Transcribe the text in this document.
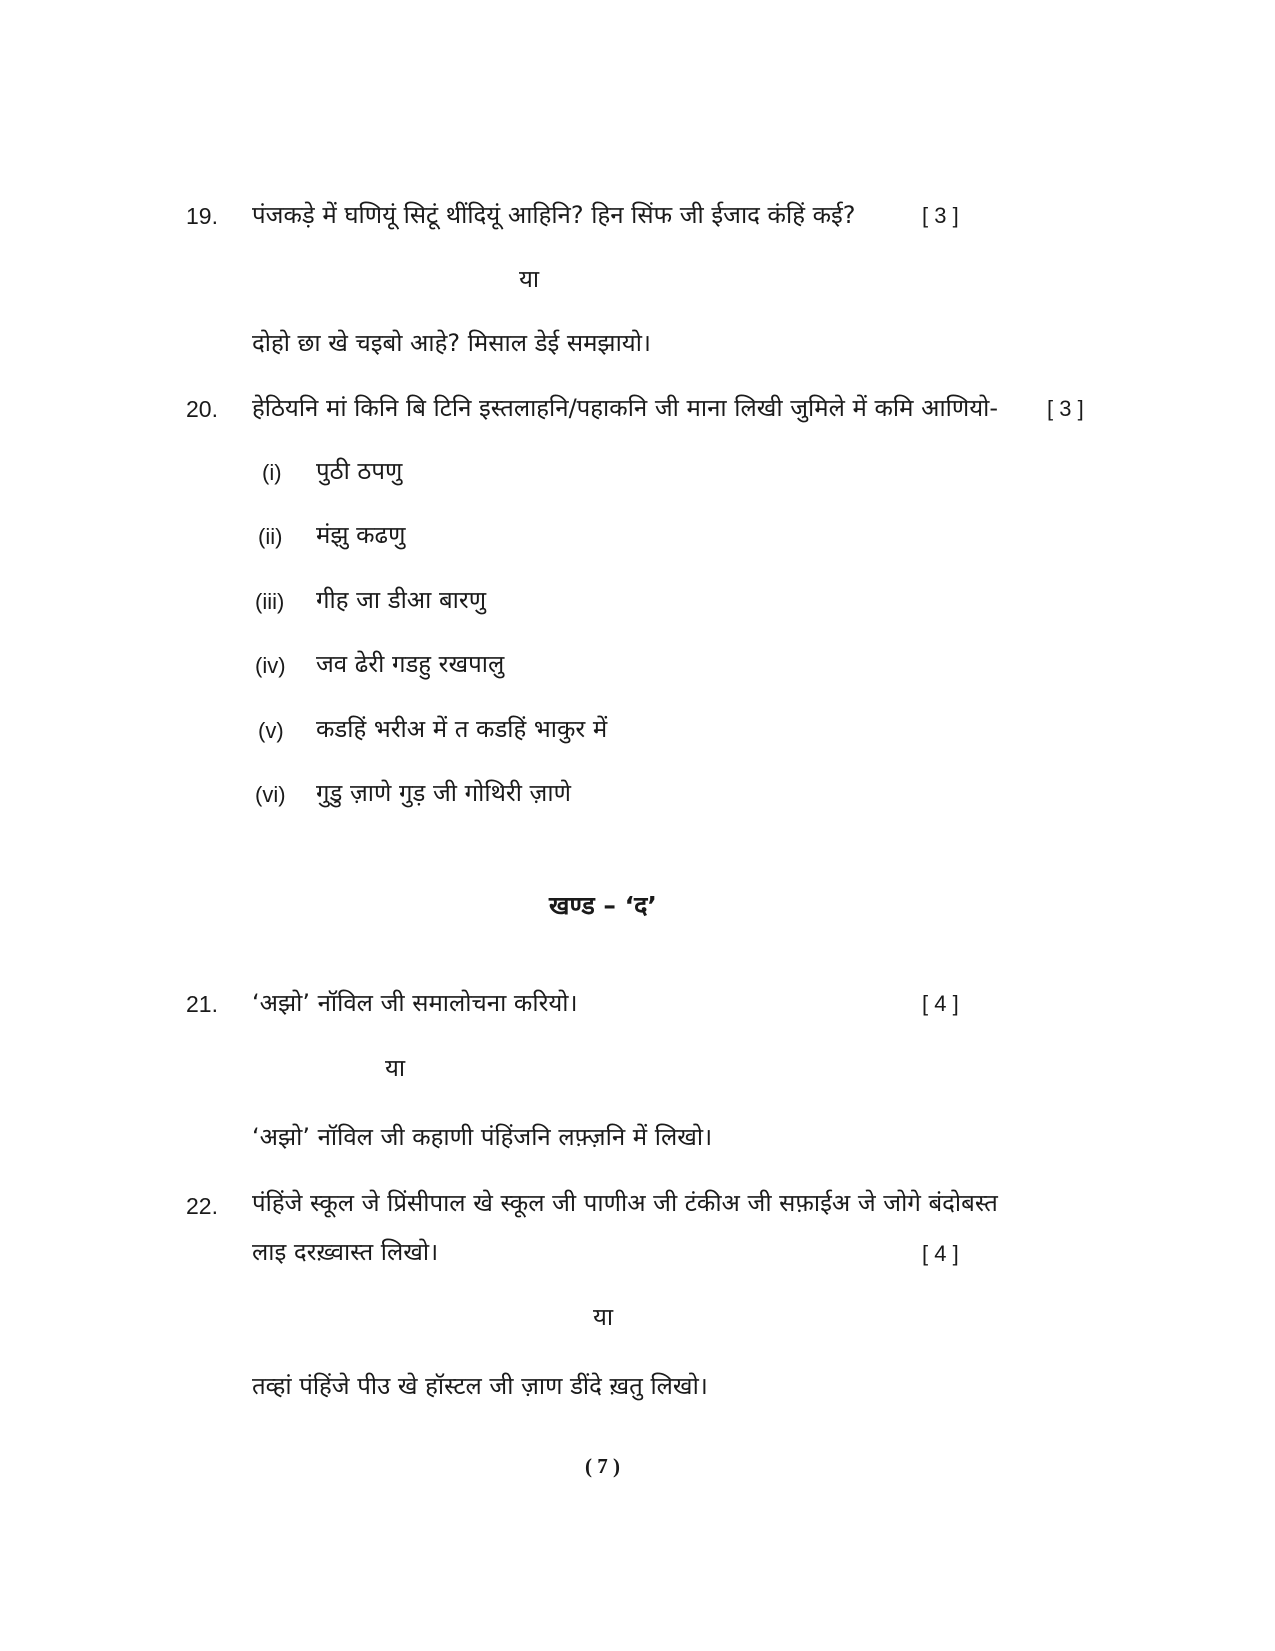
19. पंजकड़े में घणियूं सिटूं थींदियूं आहिनि? हिन सिंफ जी ईजाद कंहिं कई?	[ 3 ]
या
दोहो छा खे चइबो आहे? मिसाल डेई समझायो।
20. हेठियनि मां किनि बि टिनि इस्तलाहनि/पहाकनि जी माना लिखी जुमिले में कमि आणियो- [ 3 ]
(i) पुठी ठपणु
(ii) मंझु कढणु
(iii) गीह जा डीआ बारणु
(iv) जव ढेरी गडहु रखपालु
(v) कडहिं भरीअ में त कडहिं भाकुर में
(vi) गुडु ज़ाणे गुड़ जी गोथिरी ज़ाणे
खण्ड – ‘द’
21. ‘अझो’ नॉविल जी समालोचना करियो।	[ 4 ]
या
‘अझो’ नॉविल जी कहाणी पंहिंजनि लफ़्ज़नि में लिखो।
22. पंहिंजे स्कूल जे प्रिंसीपाल खे स्कूल जी पाणीअ जी टंकीअ जी सफ़ाईअ जे जोगे बंदोबस्त
लाइ दरख़्वास्त लिखो।	[ 4 ]
या
तव्हां पंहिंजे पीउ खे हॉस्टल जी ज़ाण डींदे ख़तु लिखो।
( 7 )
